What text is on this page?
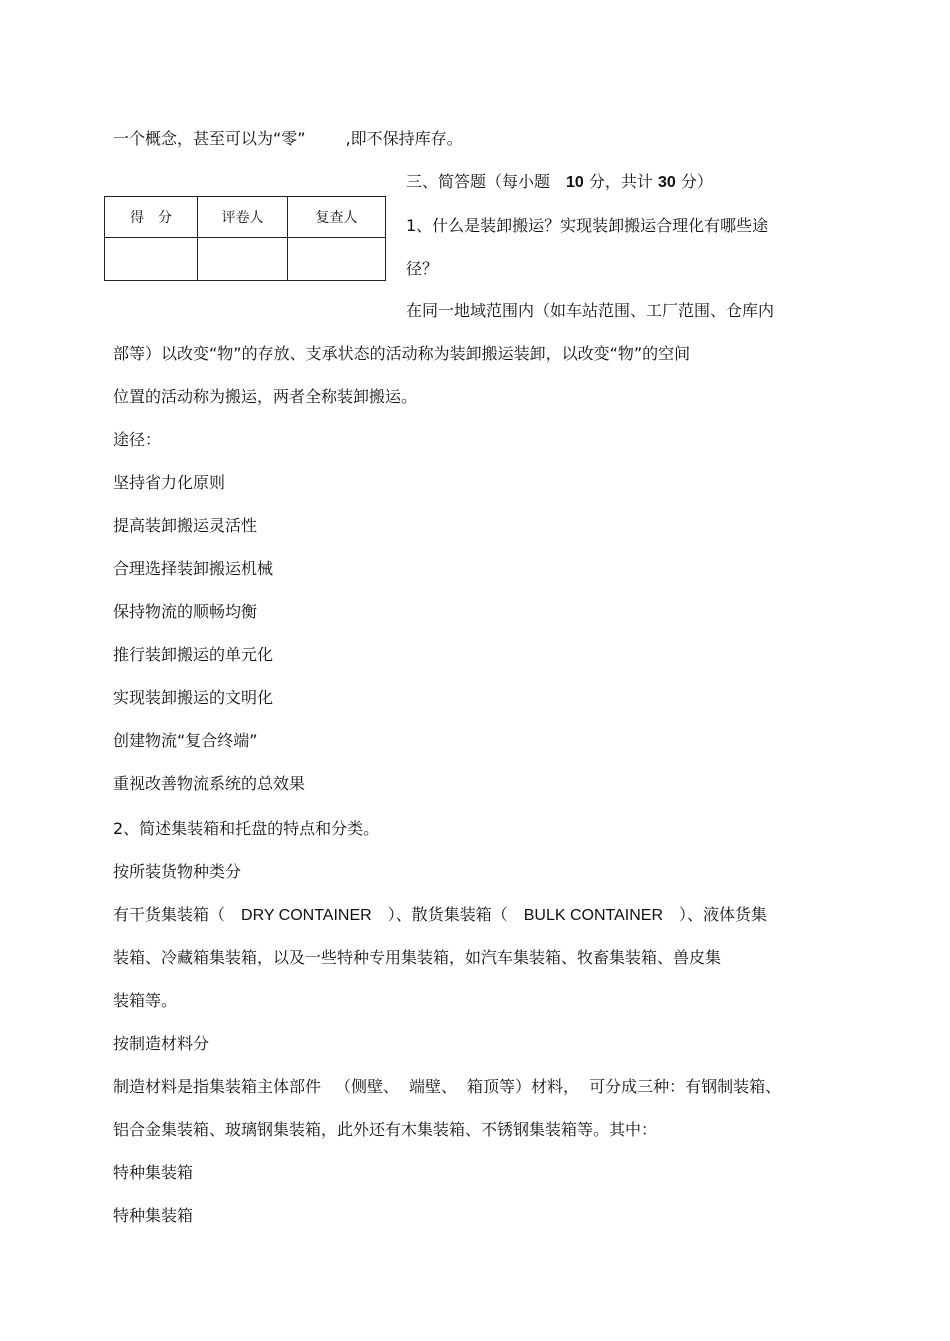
一个概念，甚至可以为“零”	,即不保持库存。
三、简答题（每小题 10 分，共计 30 分）
得　分	评卷人	复查人
			1、什么是装卸搬运？实现装卸搬运合理化有哪些途
径？
在同一地域范围内（如车站范围、工厂范围、仓库内
部等）以改变“物”的存放、支承状态的活动称为装卸搬运装卸，以改变“物”的空间
位置的活动称为搬运，两者全称装卸搬运。
途径：
坚持省力化原则
提高装卸搬运灵活性
合理选择装卸搬运机械
保持物流的顺畅均衡
推行装卸搬运的单元化
实现装卸搬运的文明化
创建物流“复合终端”
重视改善物流系统的总效果
2、简述集装箱和托盘的特点和分类。
按所装货物种类分
有干货集装箱（ DRY CONTAINER ）、散货集装箱（ BULK CONTAINER ）、液体货集
装箱、冷藏箱集装箱，以及一些特种专用集装箱，如汽车集装箱、牧畜集装箱、兽皮集
装箱等。
按制造材料分
制造材料是指集装箱主体部件 （侧壁、 端壁、 箱顶等）材料， 可分成三种：有钢制装箱、
铝合金集装箱、玻璃钢集装箱，此外还有木集装箱、不锈钢集装箱等。其中：
特种集装箱
特种集装箱
